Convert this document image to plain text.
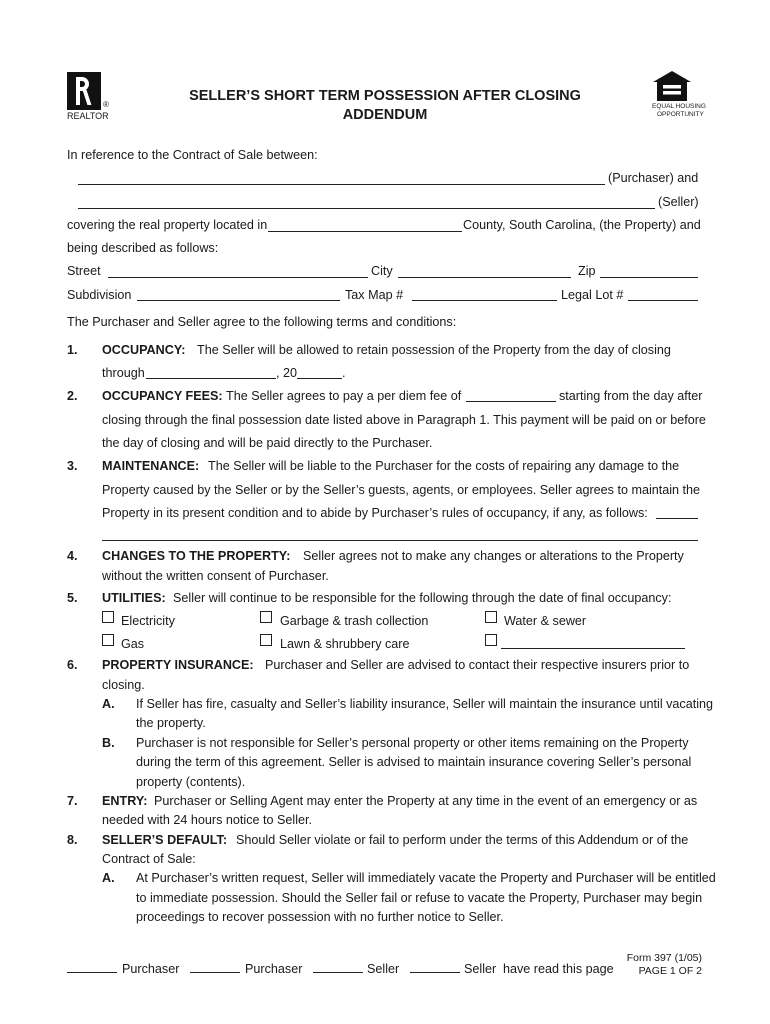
®
REALTOR
SELLER’S SHORT TERM POSSESSION AFTER CLOSING
ADDENDUM
EQUAL HOUSING
OPPORTUNITY
In reference to the Contract of Sale between:
(Purchaser) and
(Seller)
covering the real property located in	County, South Carolina, (the Property) and
being described as follows:
Street	City	Zip
Subdivision	Tax Map #	Legal Lot #
The Purchaser and Seller agree to the following terms and conditions:
1. OCCUPANCY: The Seller will be allowed to retain possession of the Property from the day of closing
through	, 20	.
2. OCCUPANCY FEES: The Seller agrees to pay a per diem fee of	starting from the day after
closing through the final possession date listed above in Paragraph 1. This payment will be paid on or before
the day of closing and will be paid directly to the Purchaser.
3. MAINTENANCE: The Seller will be liable to the Purchaser for the costs of repairing any damage to the
Property caused by the Seller or by the Seller’s guests, agents, or employees. Seller agrees to maintain the
Property in its present condition and to abide by Purchaser’s rules of occupancy, if any, as follows:
4. CHANGES TO THE PROPERTY: Seller agrees not to make any changes or alterations to the Property
without the written consent of Purchaser.
5. UTILITIES: Seller will continue to be responsible for the following through the date of final occupancy:
Electricity	Garbage & trash collection	Water & sewer
Gas	Lawn & shrubbery care
6. PROPERTY INSURANCE: Purchaser and Seller are advised to contact their respective insurers prior to
closing.
A. If Seller has fire, casualty and Seller’s liability insurance, Seller will maintain the insurance until vacating
the property.
B. Purchaser is not responsible for Seller’s personal property or other items remaining on the Property
during the term of this agreement. Seller is advised to maintain insurance covering Seller’s personal
property (contents).
7. ENTRY: Purchaser or Selling Agent may enter the Property at any time in the event of an emergency or as
needed with 24 hours notice to Seller.
8. SELLER’S DEFAULT: Should Seller violate or fail to perform under the terms of this Addendum or of the
Contract of Sale:
A. At Purchaser’s written request, Seller will immediately vacate the Property and Purchaser will be entitled
to immediate possession. Should the Seller fail or refuse to vacate the Property, Purchaser may begin
proceedings to recover possession with no further notice to Seller.
Purchaser	Purchaser	Seller	Seller have read this page
Form 397 (1/05)
PAGE 1 OF 2
